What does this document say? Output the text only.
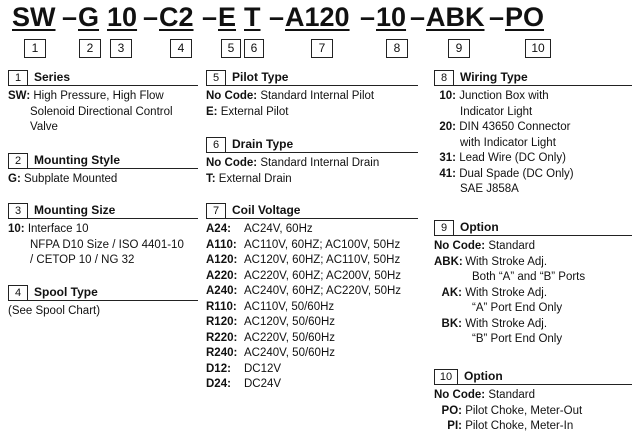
SW – G 10 – C2 – E T – A120 – 10 – ABK – PO
1	2	3	4	5	6	7	8	9	10
1	Series
SW: High Pressure, High Flow
Solenoid Directional Control
Valve
2	Mounting Style
G: Subplate Mounted
3	Mounting Size
10: Interface 10
NFPA D10 Size / ISO 4401-10
/ CETOP 10 / NG 32
4	Spool Type
(See Spool Chart)
5	Pilot Type
No Code: Standard Internal Pilot
E: External Pilot
6	Drain Type
No Code: Standard Internal Drain
T: External Drain
7	Coil Voltage
A24: AC24V, 60Hz
A110: AC110V, 60HZ; AC100V, 50Hz
A120: AC120V, 60HZ; AC110V, 50Hz
A220: AC220V, 60HZ; AC200V, 50Hz
A240: AC240V, 60HZ; AC220V, 50Hz
R110: AC110V, 50/60Hz
R120: AC120V, 50/60Hz
R220: AC220V, 50/60Hz
R240: AC240V, 50/60Hz
D12: DC12V
D24: DC24V
8	Wiring Type
10: Junction Box with
Indicator Light
20: DIN 43650 Connector
with Indicator Light
31: Lead Wire (DC Only)
41: Dual Spade (DC Only)
SAE J858A
9	Option
No Code: Standard
ABK: With Stroke Adj.
Both “A” and “B” Ports
AK: With Stroke Adj.
“A” Port End Only
BK: With Stroke Adj.
“B” Port End Only
10 Option
No Code: Standard
PO: Pilot Choke, Meter-Out
PI: Pilot Choke, Meter-In
